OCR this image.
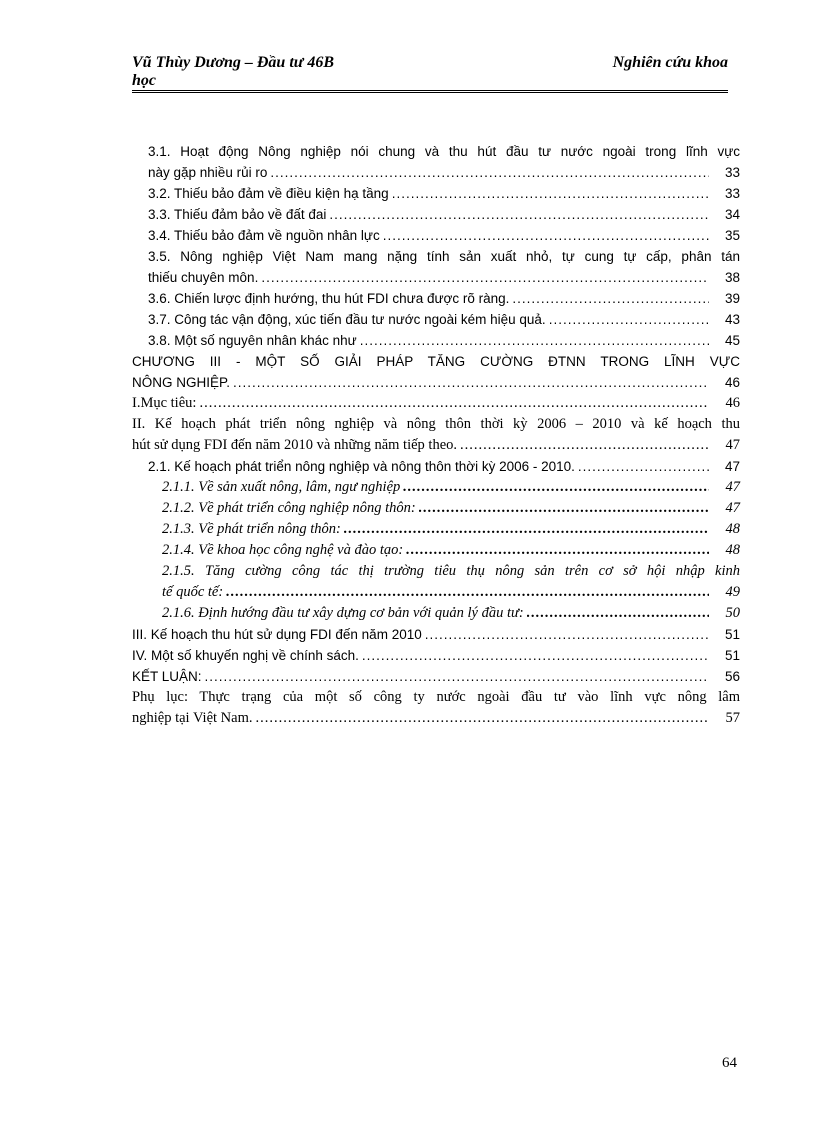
Vũ Thùy Dương – Đầu tư 46B	Nghiên cứu khoa
học
3.1. Hoạt động Nông nghiệp nói chung và thu hút đầu tư nước ngoài trong lĩnh vực
này gặp nhiều rủi ro .....	33
3.2. Thiếu bảo đảm về điều kiện hạ tầng .....	33
3.3. Thiếu đảm bảo về đất đai .....	34
3.4. Thiếu bảo đảm về nguồn nhân lực .....	35
3.5. Nông nghiệp Việt Nam mang nặng tính sản xuất nhỏ, tự cung tự cấp, phân tán
thiếu chuyên môn. .....	38
3.6. Chiến lược định hướng, thu hút FDI chưa được rõ ràng. .....	39
3.7. Công tác vận động, xúc tiến đầu tư nước ngoài kém hiệu quả. .....	43
3.8. Một số nguyên nhân khác như .....	45
CHƯƠNG III - MỘT SỐ GIẢI PHÁP TĂNG CƯỜNG ĐTNN TRONG LĨNH VỰC
NÔNG NGHIỆP. .....	46
I.Mục tiêu: .....	46
II. Kế hoạch phát triển nông nghiệp và nông thôn thời kỳ 2006 – 2010 và kế hoạch thu
hút sử dụng FDI đến năm 2010 và những năm tiếp theo. .....	47
2.1. Kế hoạch phát triển nông nghiệp và nông thôn thời kỳ 2006 - 2010. .....	47
2.1.1. Về sản xuất nông, lâm, ngư nghiệp .....	47
2.1.2. Về phát triển công nghiệp nông thôn: .....	47
2.1.3. Về phát triển nông thôn: .....	48
2.1.4. Về khoa học công nghệ và đào tạo: .....	48
2.1.5. Tăng cường công tác thị trường tiêu thụ nông sản trên cơ sở hội nhập kinh
tế quốc tế: .....	49
2.1.6. Định hướng đầu tư xây dựng cơ bản với quản lý đầu tư: .....	50
III. Kế hoạch thu hút sử dụng FDI đến năm 2010 .....	51
IV. Một số khuyến nghị về chính sách. .....	51
KẾT LUẬN: .....	56
Phụ lục: Thực trạng của một số công ty nước ngoài đầu tư vào lĩnh vực nông lâm
nghiệp tại Việt Nam. .....	57
64
